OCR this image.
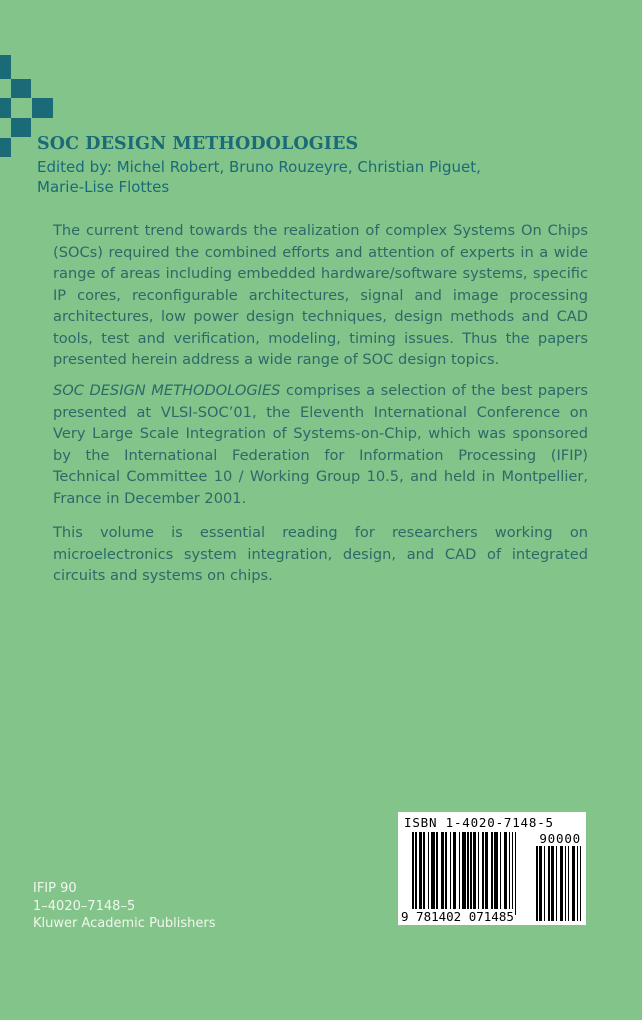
SOC DESIGN METHODOLOGIES
Edited by: Michel Robert, Bruno Rouzeyre, Christian Piguet,
Marie-Lise Flottes
The current trend towards the realization of complex Systems On Chips (SOCs) required the combined efforts and attention of experts in a wide range of areas including embedded hardware/software systems, specific IP cores, reconfigurable architectures, signal and image processing architectures, low power design techniques, design methods and CAD tools, test and verification, modeling, timing issues. Thus the papers presented herein address a wide range of SOC design topics.
SOC DESIGN METHODOLOGIES comprises a selection of the best papers presented at VLSI-SOC’01, the Eleventh International Conference on Very Large Scale Integration of Systems-on-Chip, which was sponsored by the International Federation for Information Processing (IFIP) Technical Committee 10 / Working Group 10.5, and held in Montpellier, France in December 2001.
This volume is essential reading for researchers working on microelectronics system integration, design, and CAD of integrated circuits and systems on chips.
IFIP 90
1–4020–7148–5
Kluwer Academic Publishers
ISBN 1-4020-7148-5
90000
9 781402 071485
